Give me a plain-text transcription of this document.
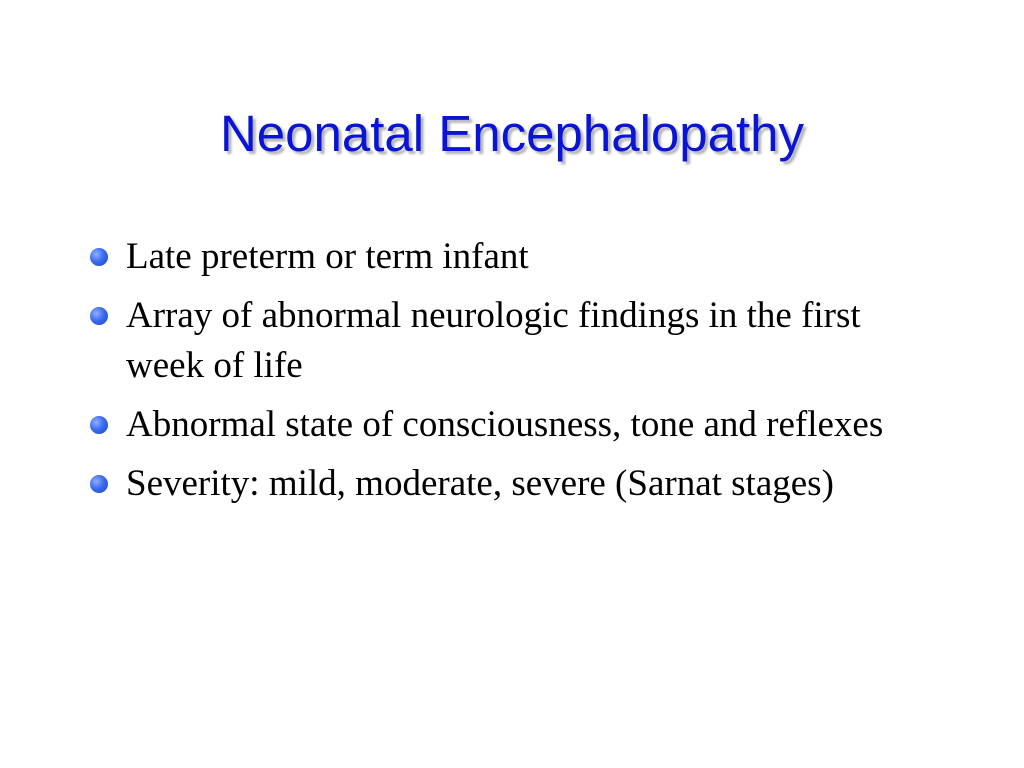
Neonatal Encephalopathy
Late preterm or term infant
Array of abnormal neurologic findings in the first week of life
Abnormal state of consciousness, tone and reflexes
Severity: mild, moderate, severe (Sarnat stages)
